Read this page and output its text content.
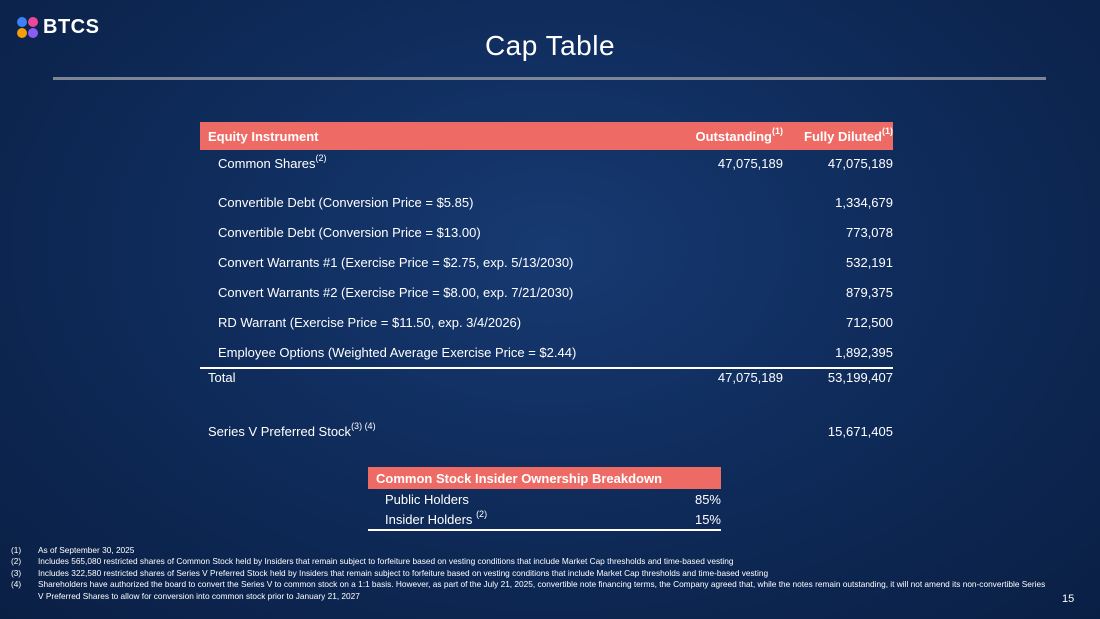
BTCS
Cap Table
Equity Instrument	Outstanding$^{(1)}$	Fully Diluted$^{(1)}$
Common Shares$^{(2)}$	47,075,189	47,075,189
Convertible Debt (Conversion Price = $5.85)		1,334,679
Convertible Debt (Conversion Price = $13.00)		773,078
Convert Warrants #1 (Exercise Price = $2.75, exp. 5/13/2030)		532,191
Convert Warrants #2 (Exercise Price = $8.00, exp. 7/21/2030)		879,375
RD Warrant (Exercise Price = $11.50, exp. 3/4/2026)		712,500
Employee Options (Weighted Average Exercise Price = $2.44)		1,892,395
Total	47,075,189	53,199,407

Series V Preferred Stock$^{(3) (4)}$		15,671,405
Common Stock Insider Ownership Breakdown	
Public Holders	85%
Insider Holders $^{(2)}$	15%
(1)	As of September 30, 2025
(2)	Includes 565,080 restricted shares of Common Stock held by Insiders that remain subject to forfeiture based on vesting conditions that include Market Cap thresholds and time-based vesting
(3)	Includes 322,580 restricted shares of Series V Preferred Stock held by Insiders that remain subject to forfeiture based on vesting conditions that include Market Cap thresholds and time-based vesting
(4)	Shareholders have authorized the board to convert the Series V to common stock on a 1:1 basis. However, as part of the July 21, 2025, convertible note financing terms, the Company agreed that, while the notes remain outstanding, it will not amend its non-convertible Series V Preferred Shares to allow for conversion into common stock prior to January 21, 2027	15
